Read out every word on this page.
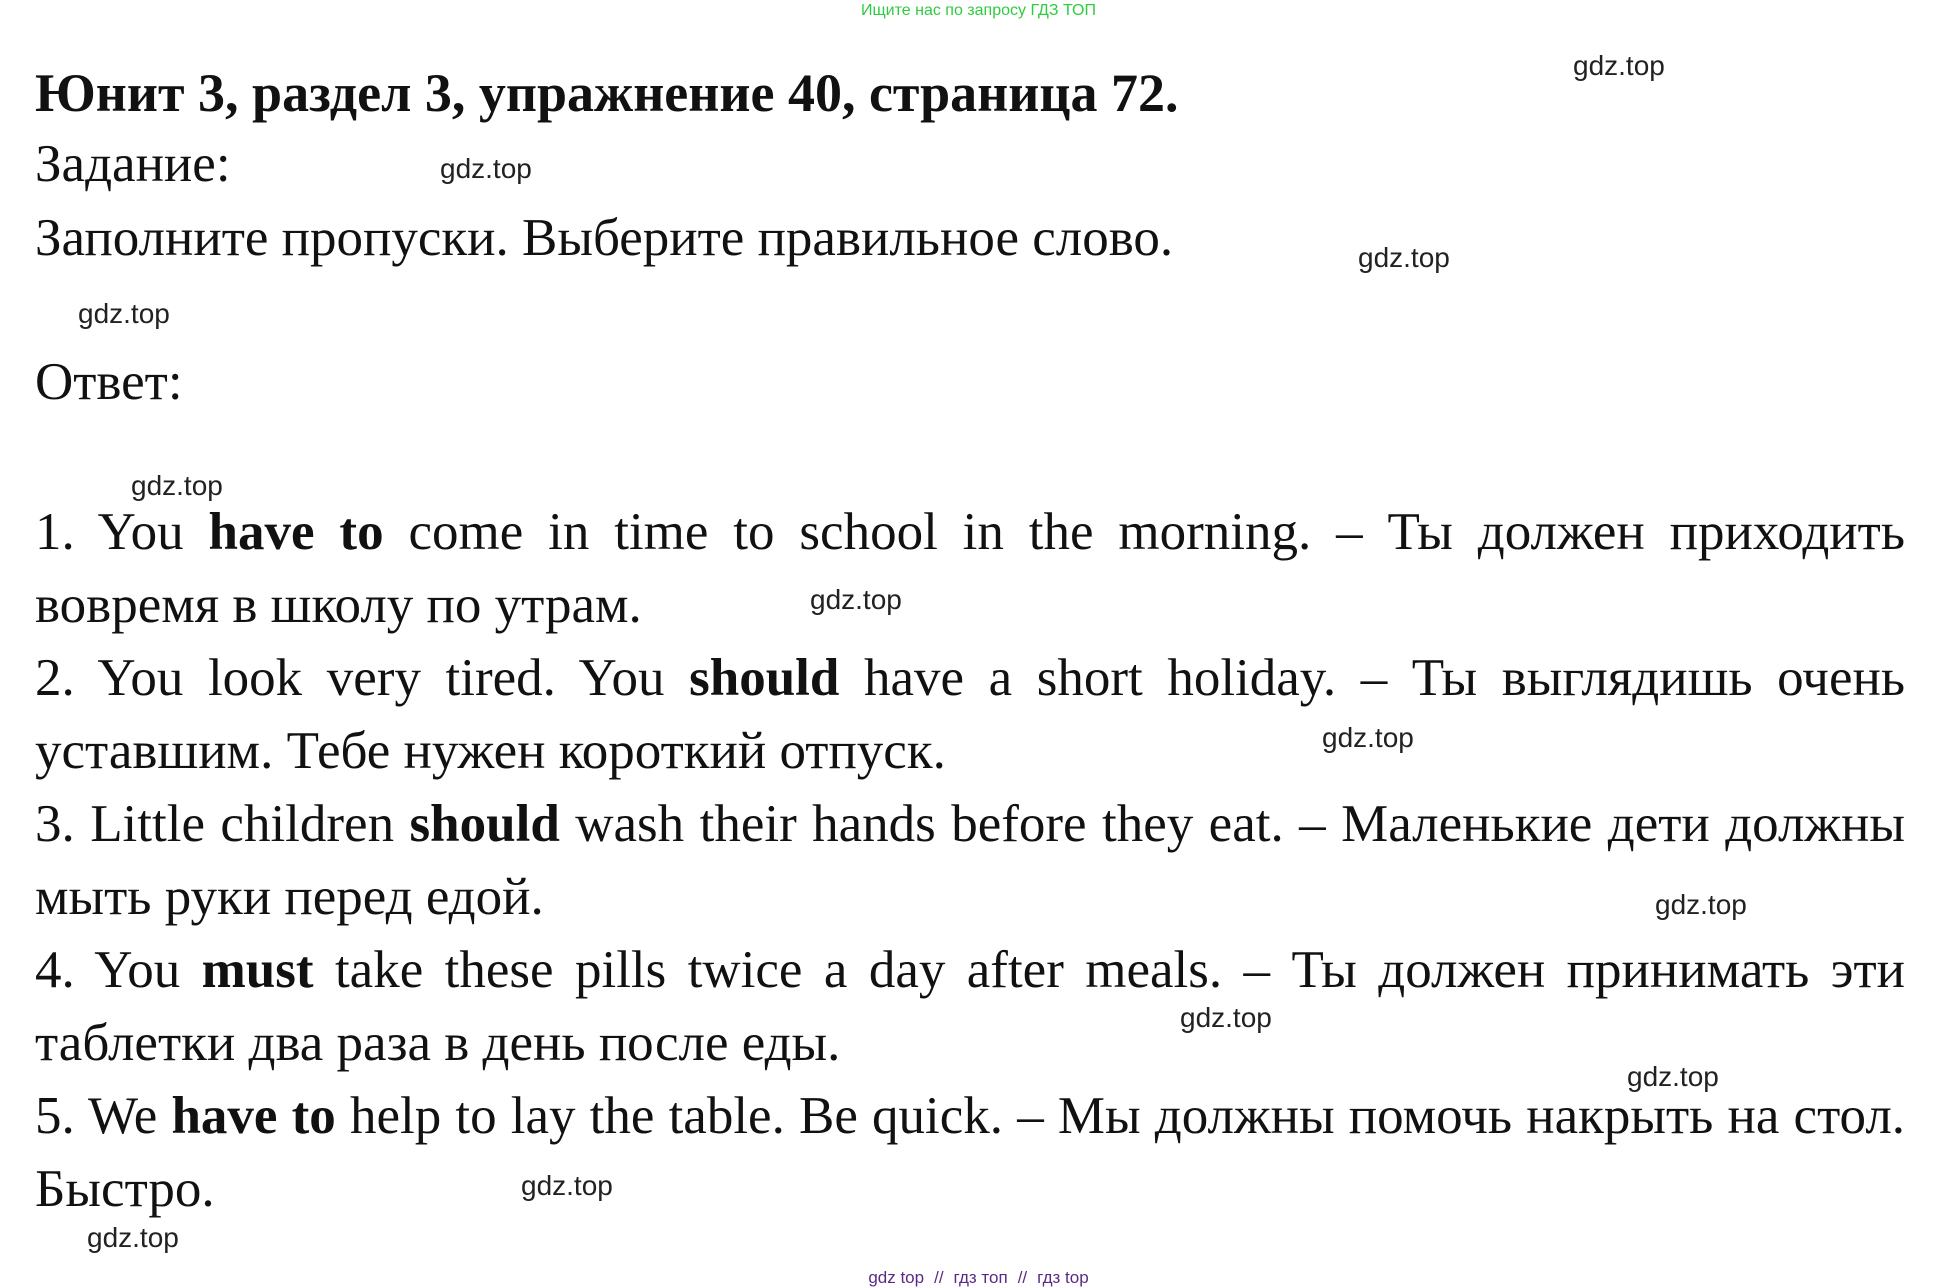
Ищите нас по запросу ГДЗ ТОП
Юнит 3, раздел 3, упражнение 40, страница 72.
Задание:
Заполните пропуски. Выберите правильное слово.
Ответ:
1. You have to come in time to school in the morning. – Ты должен приходить вовремя в школу по утрам.
2. You look very tired. You should have a short holiday. – Ты выглядишь очень уставшим. Тебе нужен короткий отпуск.
3. Little children should wash their hands before they eat. – Маленькие дети должны мыть руки перед едой.
4. You must take these pills twice a day after meals. – Ты должен принимать эти таблетки два раза в день после еды.
5. We have to help to lay the table. Be quick. – Мы должны помочь накрыть на стол. Быстро.
gdz.top
gdz.top
gdz.top
gdz.top
gdz.top
gdz.top
gdz.top
gdz.top
gdz.top
gdz.top
gdz.top
gdz.top
gdz top // гдз топ // гдз top
